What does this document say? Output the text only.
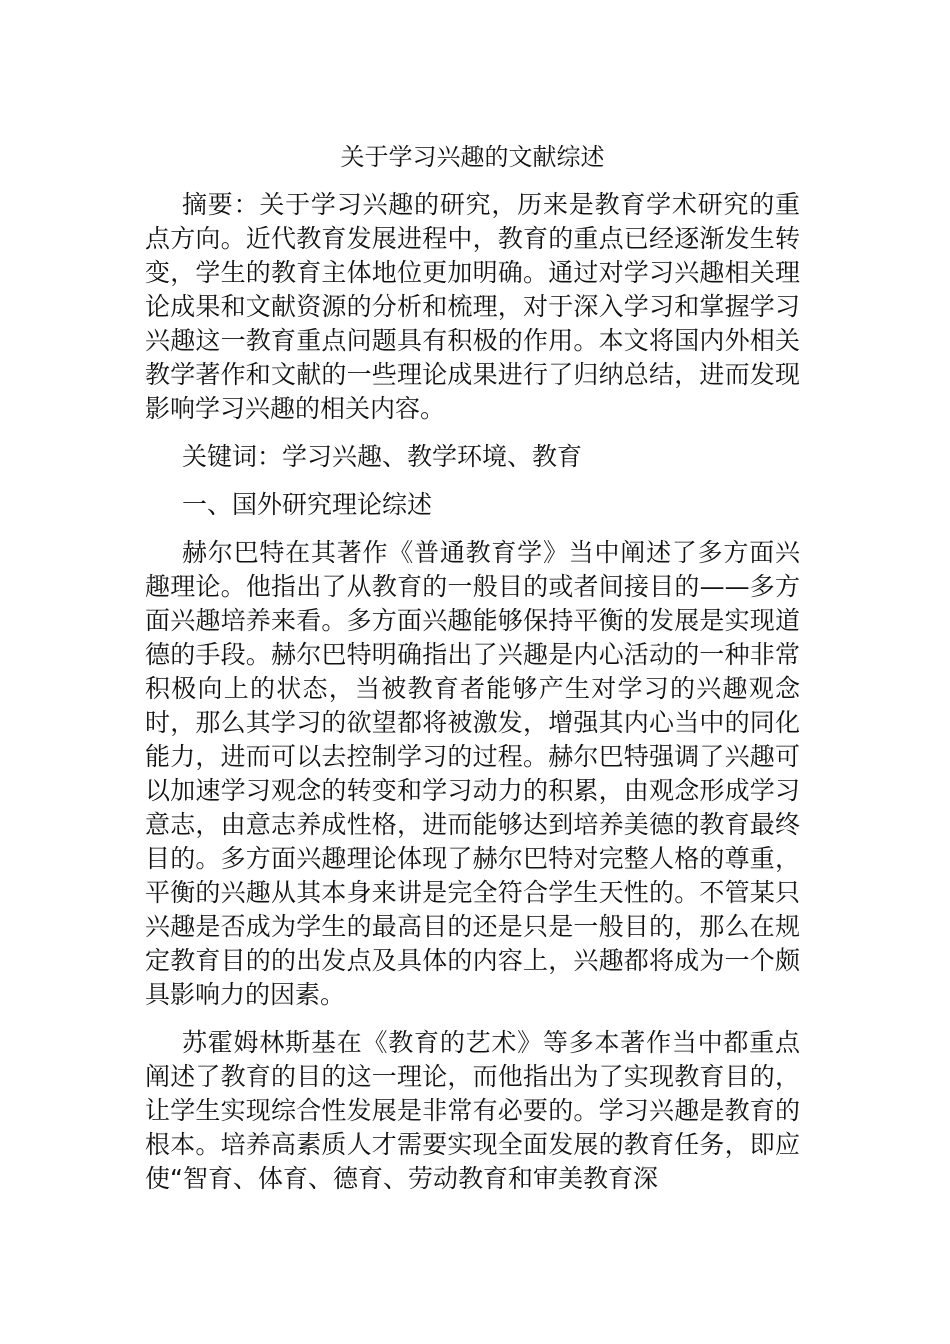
关于学习兴趣的文献综述

摘要：关于学习兴趣的研究，历来是教育学术研究的重点方向。近代教育发展进程中，教育的重点已经逐渐发生转变，学生的教育主体地位更加明确。通过对学习兴趣相关理论成果和文献资源的分析和梳理，对于深入学习和掌握学习兴趣这一教育重点问题具有积极的作用。本文将国内外相关教学著作和文献的一些理论成果进行了归纳总结，进而发现影响学习兴趣的相关内容。

关键词：学习兴趣、教学环境、教育

一、国外研究理论综述

赫尔巴特在其著作《普通教育学》当中阐述了多方面兴趣理论。他指出了从教育的一般目的或者间接目的——多方面兴趣培养来看。多方面兴趣能够保持平衡的发展是实现道德的手段。赫尔巴特明确指出了兴趣是内心活动的一种非常积极向上的状态，当被教育者能够产生对学习的兴趣观念时，那么其学习的欲望都将被激发，增强其内心当中的同化能力，进而可以去控制学习的过程。赫尔巴特强调了兴趣可以加速学习观念的转变和学习动力的积累，由观念形成学习意志，由意志养成性格，进而能够达到培养美德的教育最终目的。多方面兴趣理论体现了赫尔巴特对完整人格的尊重，平衡的兴趣从其本身来讲是完全符合学生天性的。不管某只兴趣是否成为学生的最高目的还是只是一般目的，那么在规定教育目的的出发点及具体的内容上，兴趣都将成为一个颇具影响力的因素。

苏霍姆林斯基在《教育的艺术》等多本著作当中都重点阐述了教育的目的这一理论，而他指出为了实现教育目的，让学生实现综合性发展是非常有必要的。学习兴趣是教育的根本。培养高素质人才需要实现全面发展的教育任务，即应使“智育、体育、德育、劳动教育和审美教育深
